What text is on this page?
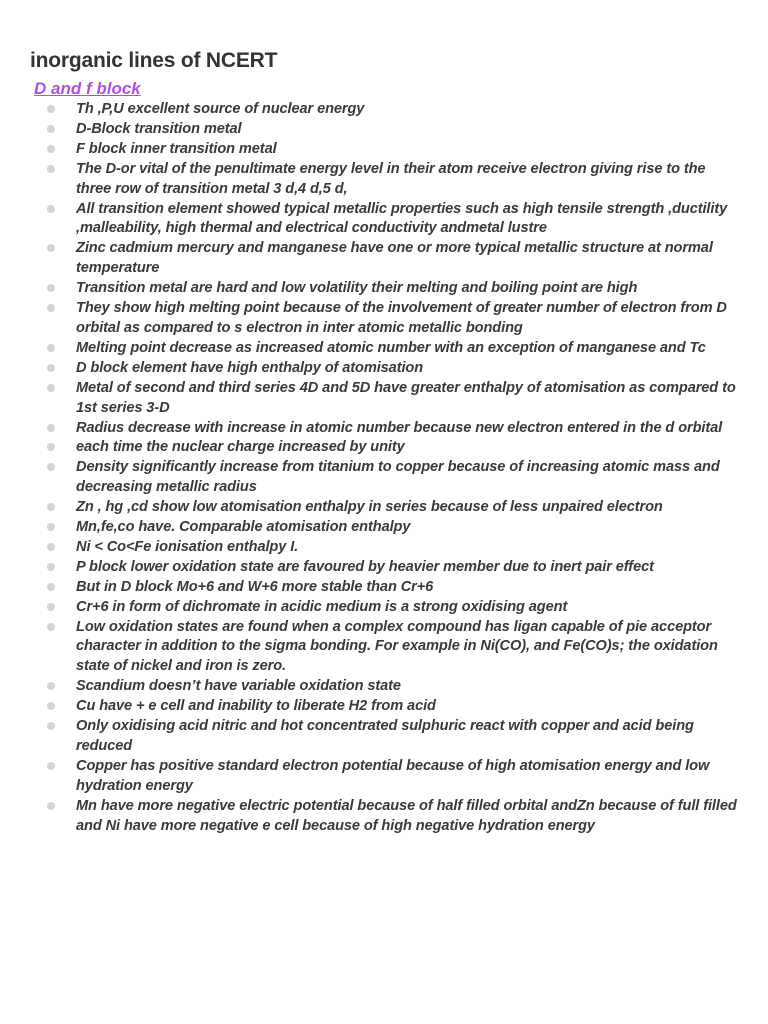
inorganic lines of NCERT
D and f block
Th ,P,U excellent source of nuclear energy
D-Block transition metal
F block inner transition metal
The D-or vital of the penultimate energy level in their atom receive electron giving rise to the three row of transition metal 3 d,4 d,5 d,
All transition element showed typical metallic properties such as high tensile strength ,ductility ,malleability, high thermal and electrical conductivity andmetal lustre
Zinc cadmium mercury and manganese have one or more typical metallic structure at normal temperature
Transition metal are hard and low volatility their melting and boiling point are high
They show high melting point because of the involvement of greater number of electron from D orbital as compared to s electron in inter atomic metallic bonding
Melting point decrease as increased atomic number with an exception of manganese and Tc
D block element have high enthalpy of atomisation
Metal of second and third series 4D and 5D have greater enthalpy of atomisation as compared to 1st series 3-D
Radius decrease with increase in atomic number because new electron entered in the d orbital
each time the nuclear charge increased by unity
Density significantly increase from titanium to copper because of increasing atomic mass and decreasing metallic radius
Zn , hg ,cd show low atomisation enthalpy in series because of less unpaired electron
Mn,fe,co have. Comparable atomisation enthalpy
Ni < Co<Fe ionisation enthalpy I.
P block lower oxidation state are favoured by heavier member due to inert pair effect
But in D block Mo+6 and W+6 more stable than Cr+6
Cr+6 in form of dichromate in acidic medium is a strong oxidising agent
Low oxidation states are found when a complex compound has ligan capable of pie acceptor character in addition to the sigma bonding. For example in Ni(CO), and Fe(CO)s; the oxidation state of nickel and iron is zero.
Scandium doesn’t have variable oxidation state
Cu have + e cell and inability to liberate H2 from acid
Only oxidising acid nitric and hot concentrated sulphuric react with copper and acid being reduced
Copper has positive standard electron potential because of high atomisation energy and low hydration energy
Mn have more negative electric potential because of half filled orbital andZn because of full filled and Ni have more negative e cell because of high negative hydration energy
